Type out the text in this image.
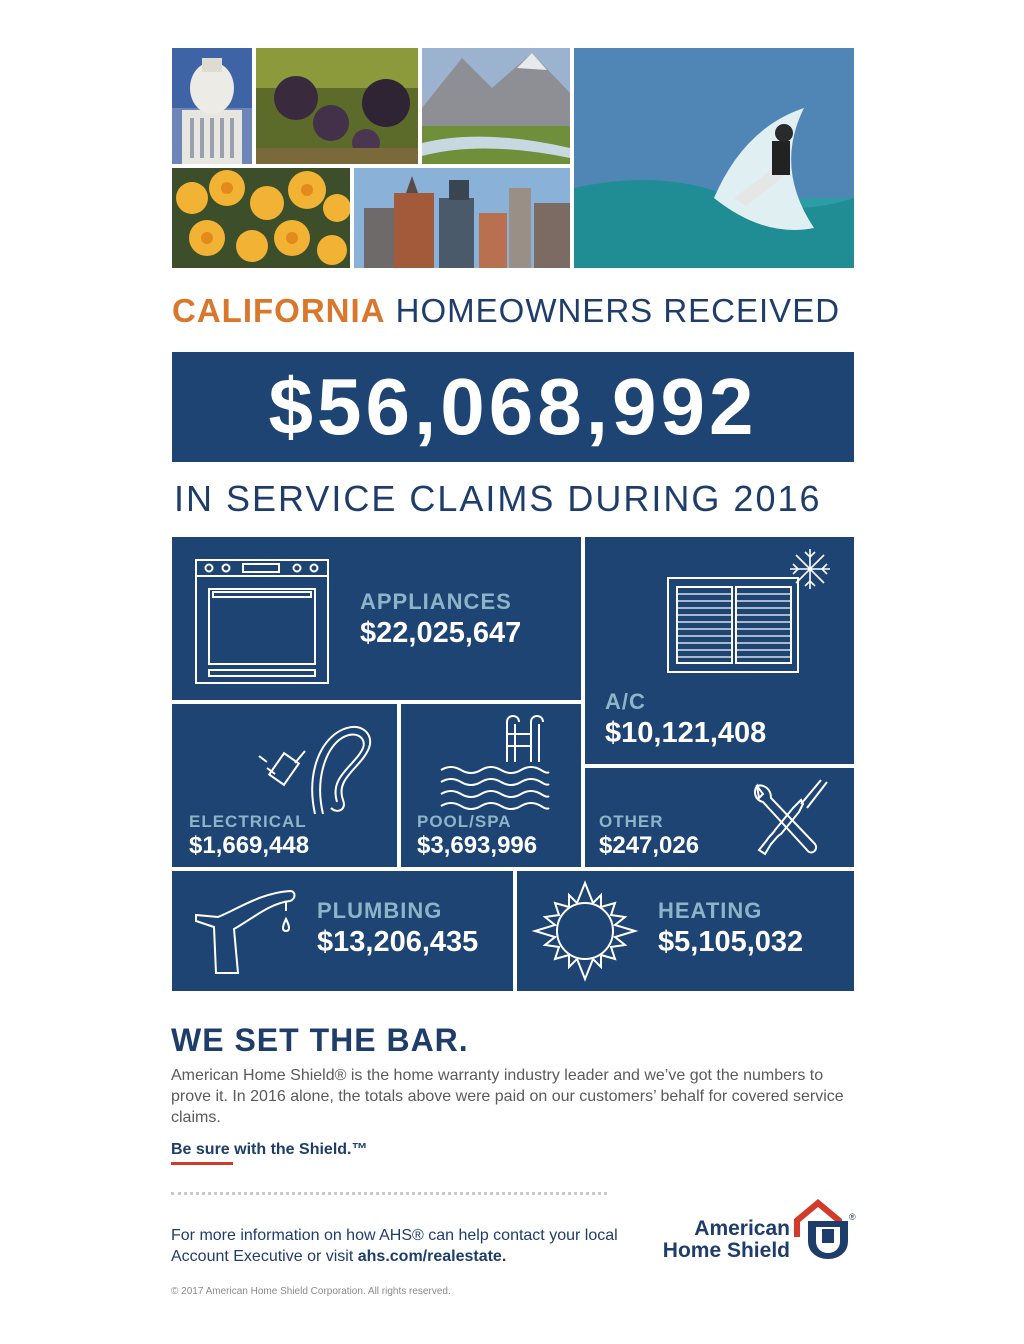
CALIFORNIA HOMEOWNERS RECEIVED
$56,068,992
IN SERVICE CLAIMS DURING 2016
APPLIANCES
$22,025,647
A/C
$10,121,408
ELECTRICAL
$1,669,448
POOL/SPA
$3,693,996
OTHER
$247,026
PLUMBING
$13,206,435
HEATING
$5,105,032
WE SET THE BAR.
American Home Shield® is the home warranty industry leader and we’ve got the numbers to prove it. In 2016 alone, the totals above were paid on our customers’ behalf for covered service claims.
Be sure with the Shield.™
For more information on how AHS® can help contact your local Account Executive or visit ahs.com/realestate.
American
Home Shield
®
© 2017 American Home Shield Corporation. All rights reserved.
